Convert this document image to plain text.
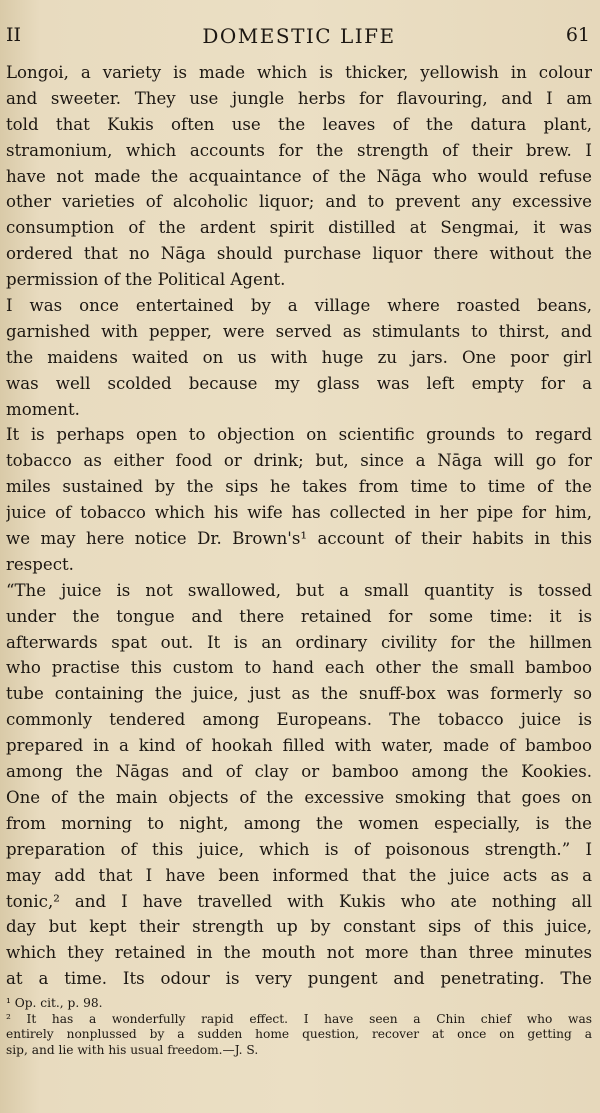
II	DOMESTIC LIFE	61
Longoi, a variety is made which is thicker, yellowish in colour
and sweeter. They use jungle herbs for flavouring, and I am
told that Kukis often use the leaves of the datura plant,
stramonium, which accounts for the strength of their brew. I
have not made the acquaintance of the Nāga who would refuse
other varieties of alcoholic liquor; and to prevent any excessive
consumption of the ardent spirit distilled at Sengmai, it was
ordered that no Nāga should purchase liquor there without the
permission of the Political Agent.
I was once entertained by a village where roasted beans,
garnished with pepper, were served as stimulants to thirst, and
the maidens waited on us with huge zu jars. One poor girl
was well scolded because my glass was left empty for a
moment.
It is perhaps open to objection on scientific grounds to regard
tobacco as either food or drink; but, since a Nāga will go for
miles sustained by the sips he takes from time to time of the
juice of tobacco which his wife has collected in her pipe for him,
we may here notice Dr. Brown's¹ account of their habits in this
respect.
“The juice is not swallowed, but a small quantity is tossed
under the tongue and there retained for some time: it is
afterwards spat out. It is an ordinary civility for the hillmen
who practise this custom to hand each other the small bamboo
tube containing the juice, just as the snuff-box was formerly so
commonly tendered among Europeans. The tobacco juice is
prepared in a kind of hookah filled with water, made of bamboo
among the Nāgas and of clay or bamboo among the Kookies.
One of the main objects of the excessive smoking that goes on
from morning to night, among the women especially, is the
preparation of this juice, which is of poisonous strength.” I
may add that I have been informed that the juice acts as a
tonic,² and I have travelled with Kukis who ate nothing all
day but kept their strength up by constant sips of this juice,
which they retained in the mouth not more than three minutes
at a time. Its odour is very pungent and penetrating. The
¹ Op. cit., p. 98.
² It has a wonderfully rapid effect. I have seen a Chin chief who was
entirely nonplussed by a sudden home question, recover at once on getting a
sip, and lie with his usual freedom.—J. S.
